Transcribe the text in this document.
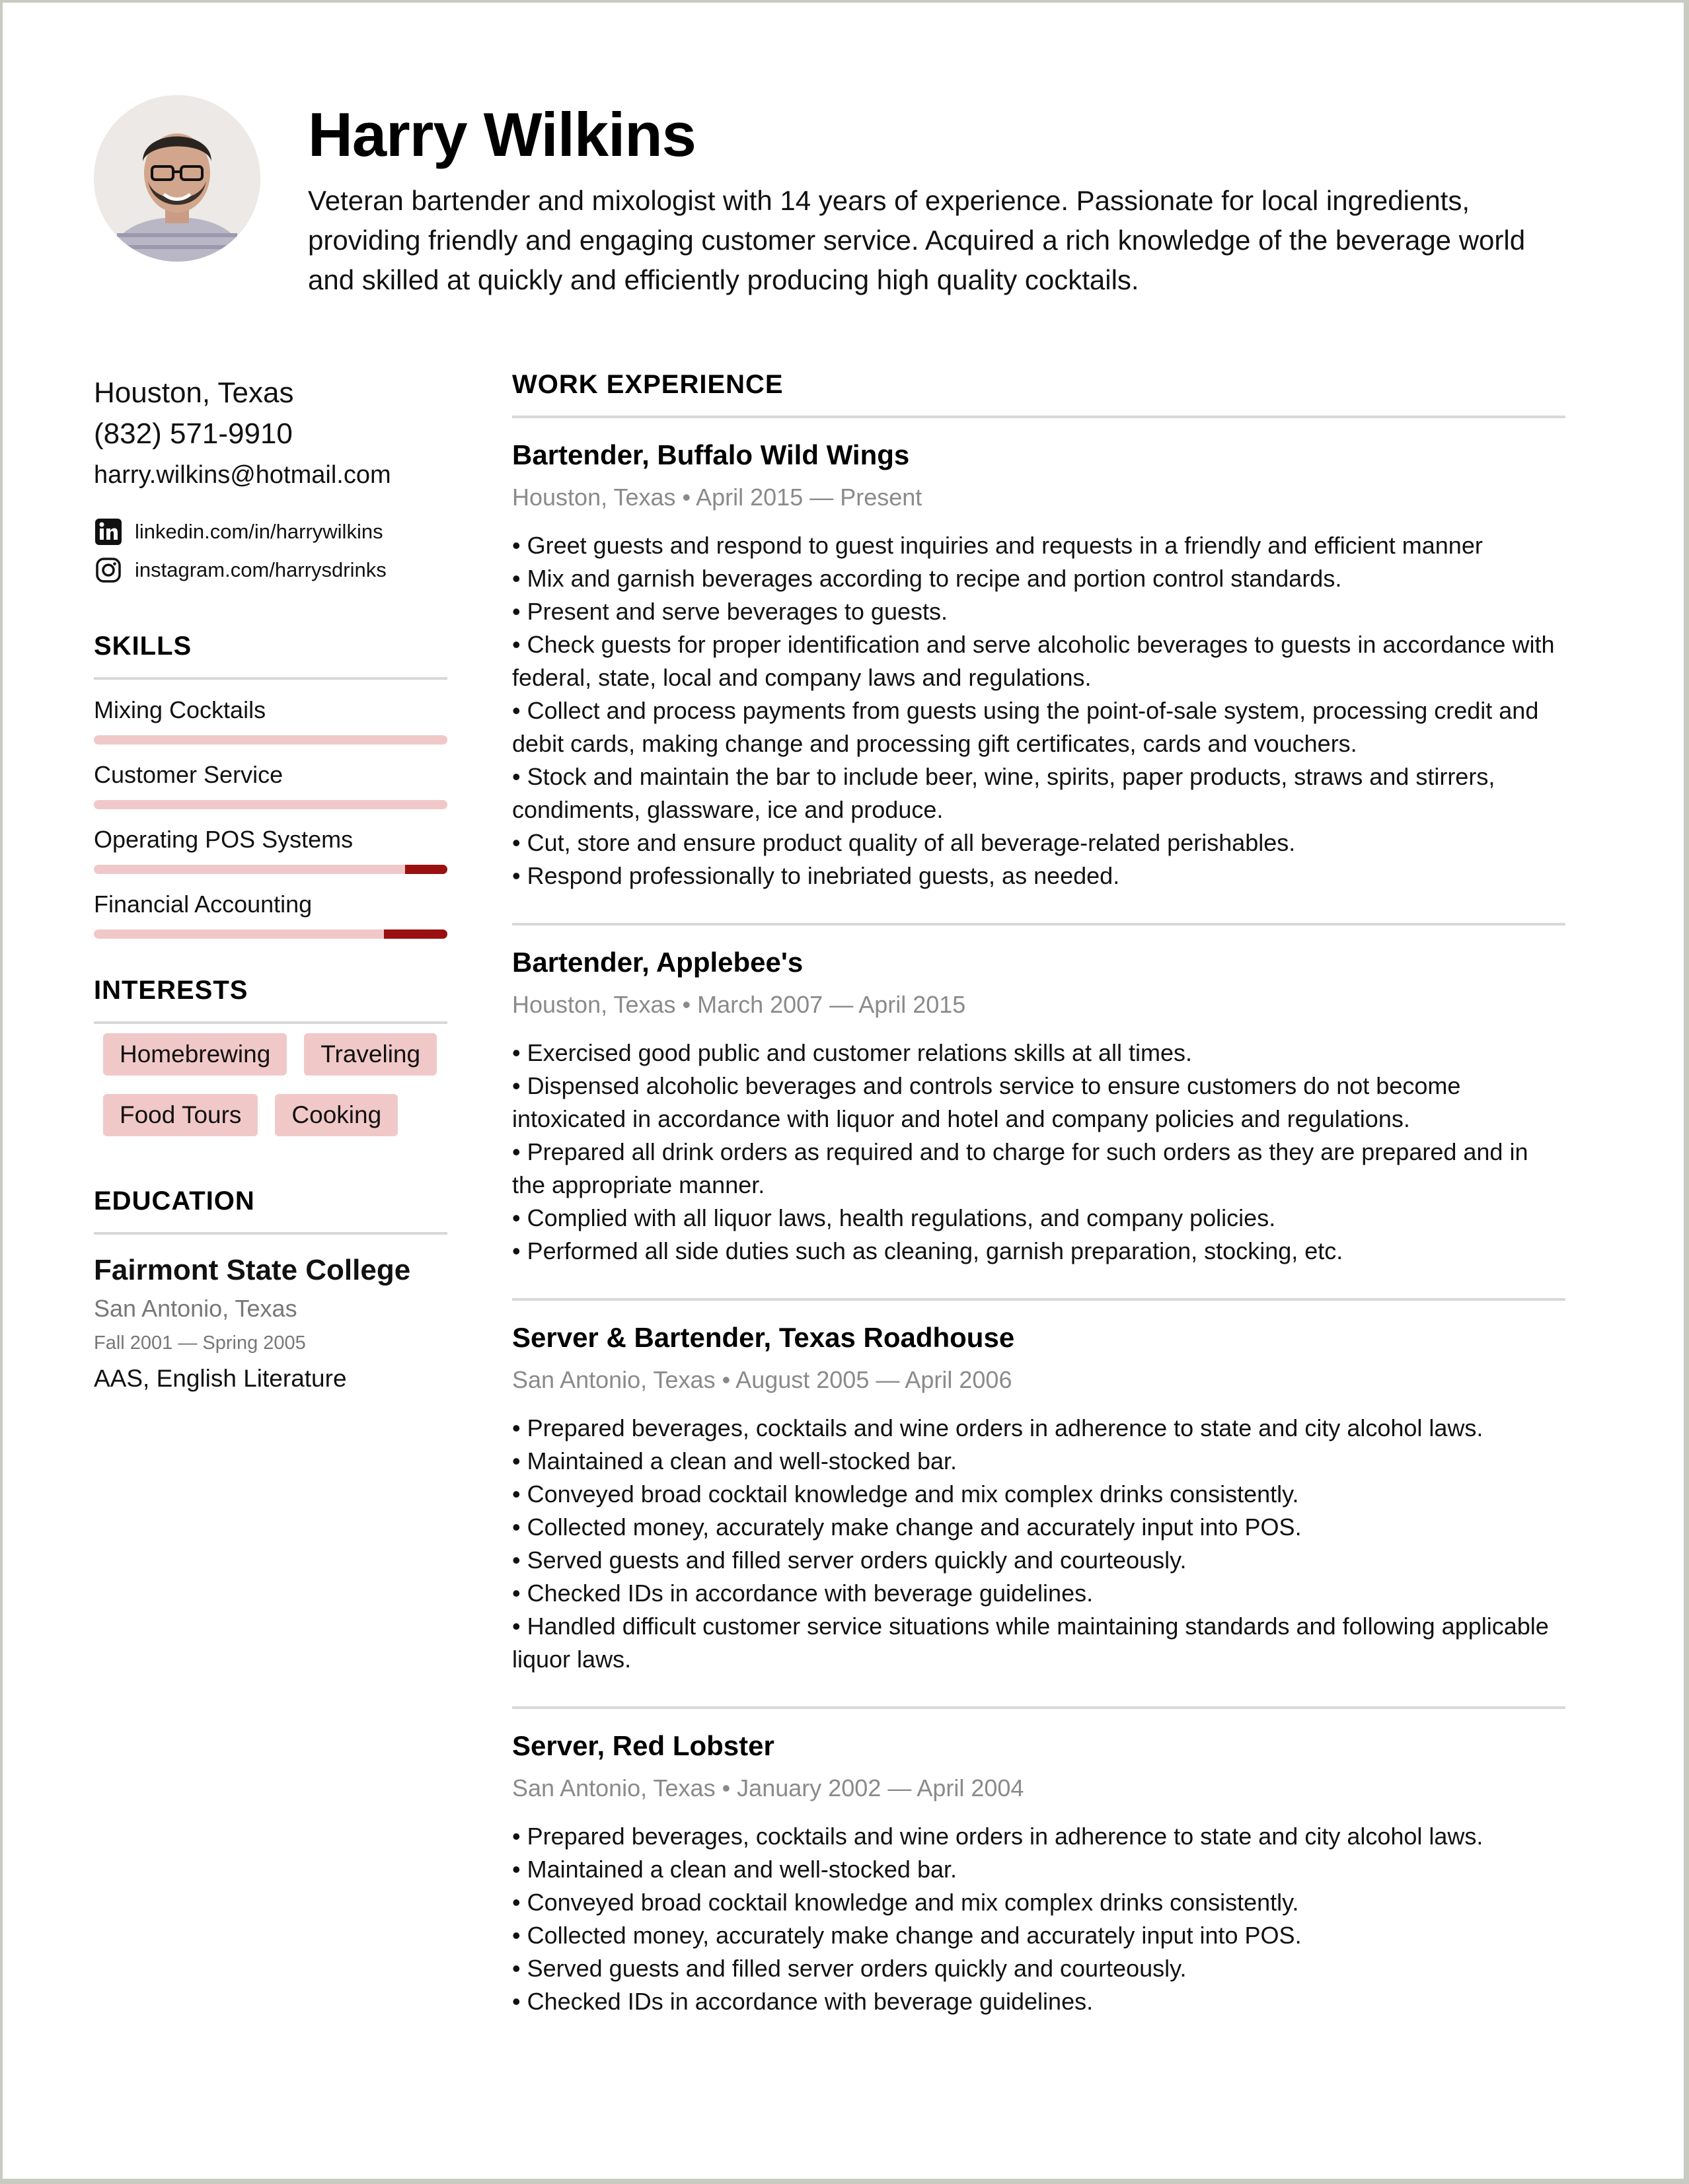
Harry Wilkins

Veteran bartender and mixologist with 14 years of experience. Passionate for local ingredients, providing friendly and engaging customer service. Acquired a rich knowledge of the beverage world and skilled at quickly and efficiently producing high quality cocktails.

Houston, Texas
(832) 571-9910
harry.wilkins@hotmail.com
linkedin.com/in/harrywilkins
instagram.com/harrysdrinks
SKILLS
Mixing Cocktails
Customer Service
Operating POS Systems
Financial Accounting
INTERESTS
Homebrewing	Traveling
Food Tours	Cooking
EDUCATION
Fairmont State College
San Antonio, Texas
Fall 2001 — Spring 2005
AAS, English Literature
WORK EXPERIENCE
Bartender, Buffalo Wild Wings
Houston, Texas • April 2015 — Present
• Greet guests and respond to guest inquiries and requests in a friendly and efficient manner
• Mix and garnish beverages according to recipe and portion control standards.
• Present and serve beverages to guests.
• Check guests for proper identification and serve alcoholic beverages to guests in accordance with federal, state, local and company laws and regulations.
• Collect and process payments from guests using the point-of-sale system, processing credit and debit cards, making change and processing gift certificates, cards and vouchers.
• Stock and maintain the bar to include beer, wine, spirits, paper products, straws and stirrers, condiments, glassware, ice and produce.
• Cut, store and ensure product quality of all beverage-related perishables.
• Respond professionally to inebriated guests, as needed.
Bartender, Applebee's
Houston, Texas • March 2007 — April 2015
• Exercised good public and customer relations skills at all times.
• Dispensed alcoholic beverages and controls service to ensure customers do not become intoxicated in accordance with liquor and hotel and company policies and regulations.
• Prepared all drink orders as required and to charge for such orders as they are prepared and in the appropriate manner.
• Complied with all liquor laws, health regulations, and company policies.
• Performed all side duties such as cleaning, garnish preparation, stocking, etc.
Server & Bartender, Texas Roadhouse
San Antonio, Texas • August 2005 — April 2006
• Prepared beverages, cocktails and wine orders in adherence to state and city alcohol laws.
• Maintained a clean and well-stocked bar.
• Conveyed broad cocktail knowledge and mix complex drinks consistently.
• Collected money, accurately make change and accurately input into POS.
• Served guests and filled server orders quickly and courteously.
• Checked IDs in accordance with beverage guidelines.
• Handled difficult customer service situations while maintaining standards and following applicable liquor laws.
Server, Red Lobster
San Antonio, Texas • January 2002 — April 2004
• Prepared beverages, cocktails and wine orders in adherence to state and city alcohol laws.
• Maintained a clean and well-stocked bar.
• Conveyed broad cocktail knowledge and mix complex drinks consistently.
• Collected money, accurately make change and accurately input into POS.
• Served guests and filled server orders quickly and courteously.
• Checked IDs in accordance with beverage guidelines.
